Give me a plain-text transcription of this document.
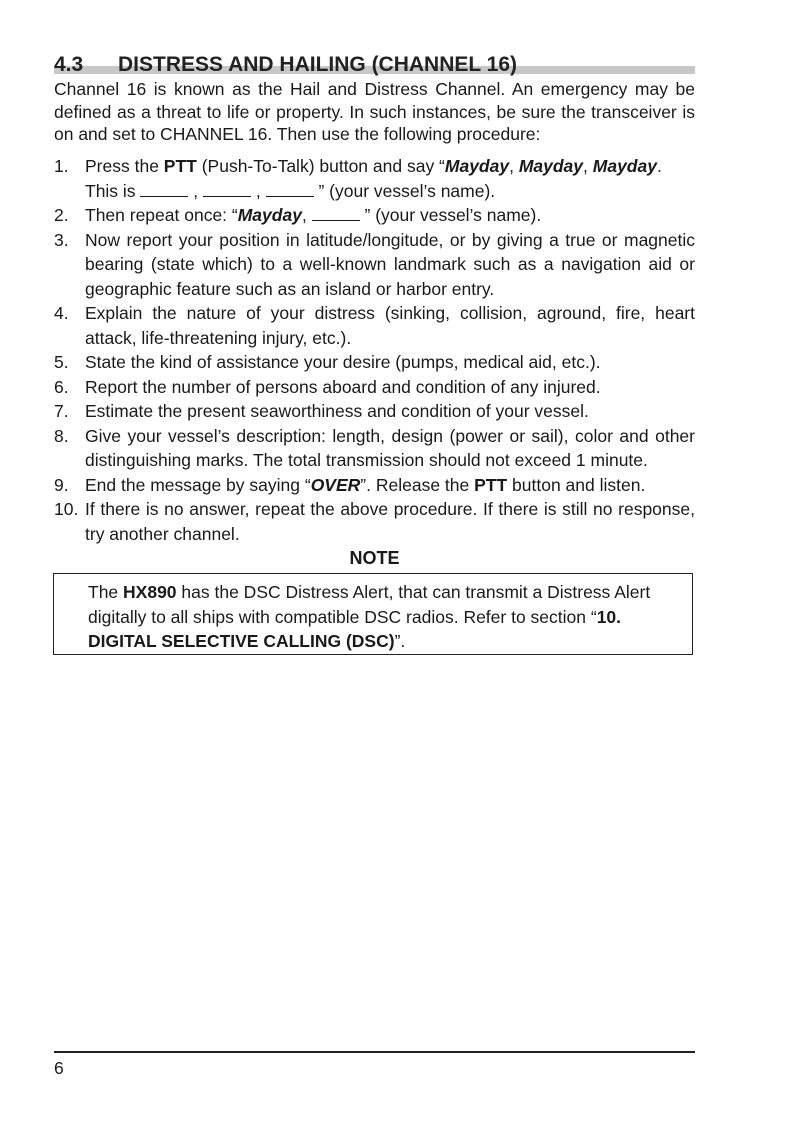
4.3 DISTRESS AND HAILING (CHANNEL 16)

Channel 16 is known as the Hail and Distress Channel. An emergency may be defined as a threat to life or property. In such instances, be sure the transceiver is on and set to CHANNEL 16. Then use the following procedure:

1. Press the PTT (Push-To-Talk) button and say “Mayday, Mayday, Mayday.
This is	,	,	” (your vessel’s name).
2. Then repeat once: “Mayday,	” (your vessel’s name).
3. Now report your position in latitude/longitude, or by giving a true or magnetic bearing (state which) to a well-known landmark such as a navigation aid or geographic feature such as an island or harbor entry.
4. Explain the nature of your distress (sinking, collision, aground, fire, heart attack, life-threatening injury, etc.).
5. State the kind of assistance your desire (pumps, medical aid, etc.).
6. Report the number of persons aboard and condition of any injured.
7. Estimate the present seaworthiness and condition of your vessel.
8. Give your vessel’s description: length, design (power or sail), color and other distinguishing marks. The total transmission should not exceed 1 minute.
9. End the message by saying “OVER”. Release the PTT button and listen.
10. If there is no answer, repeat the above procedure. If there is still no response, try another channel.
NOTE
The HX890 has the DSC Distress Alert, that can transmit a Distress Alert digitally to all ships with compatible DSC radios. Refer to section “10. DIGITAL SELECTIVE CALLING (DSC)”.
6
